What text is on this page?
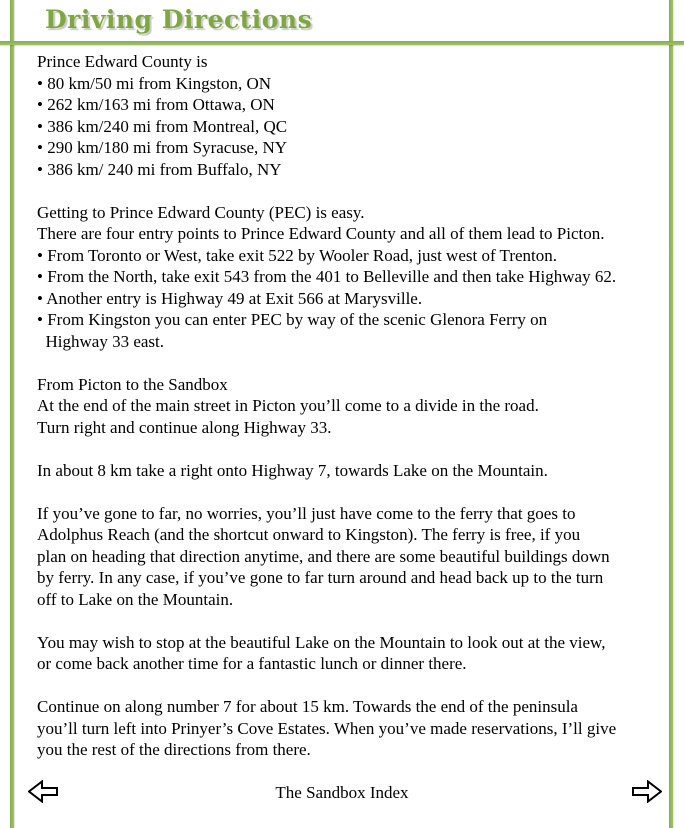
Driving Directions
Prince Edward County is
• 80 km/50 mi from Kingston, ON
• 262 km/163 mi from Ottawa, ON
• 386 km/240 mi from Montreal, QC
• 290 km/180 mi from Syracuse, NY
• 386 km/ 240 mi from Buffalo, NY
Getting to Prince Edward County (PEC) is easy.
There are four entry points to Prince Edward County and all of them lead to Picton.
• From Toronto or West, take exit 522 by Wooler Road, just west of Trenton.
• From the North, take exit 543 from the 401 to Belleville and then take Highway 62.
• Another entry is Highway 49 at Exit 566 at Marysville.
• From Kingston you can enter PEC by way of the scenic Glenora Ferry on
Highway 33 east.
From Picton to the Sandbox
At the end of the main street in Picton you’ll come to a divide in the road.
Turn right and continue along Highway 33.
In about 8 km take a right onto Highway 7, towards Lake on the Mountain.
If you’ve gone to far, no worries, you’ll just have come to the ferry that goes to
Adolphus Reach (and the shortcut onward to Kingston). The ferry is free, if you
plan on heading that direction anytime, and there are some beautiful buildings down
by ferry. In any case, if you’ve gone to far turn around and head back up to the turn
off to Lake on the Mountain.
You may wish to stop at the beautiful Lake on the Mountain to look out at the view,
or come back another time for a fantastic lunch or dinner there.
Continue on along number 7 for about 15 km. Towards the end of the peninsula
you’ll turn left into Prinyer’s Cove Estates. When you’ve made reservations, I’ll give
you the rest of the directions from there.
The Sandbox Index
